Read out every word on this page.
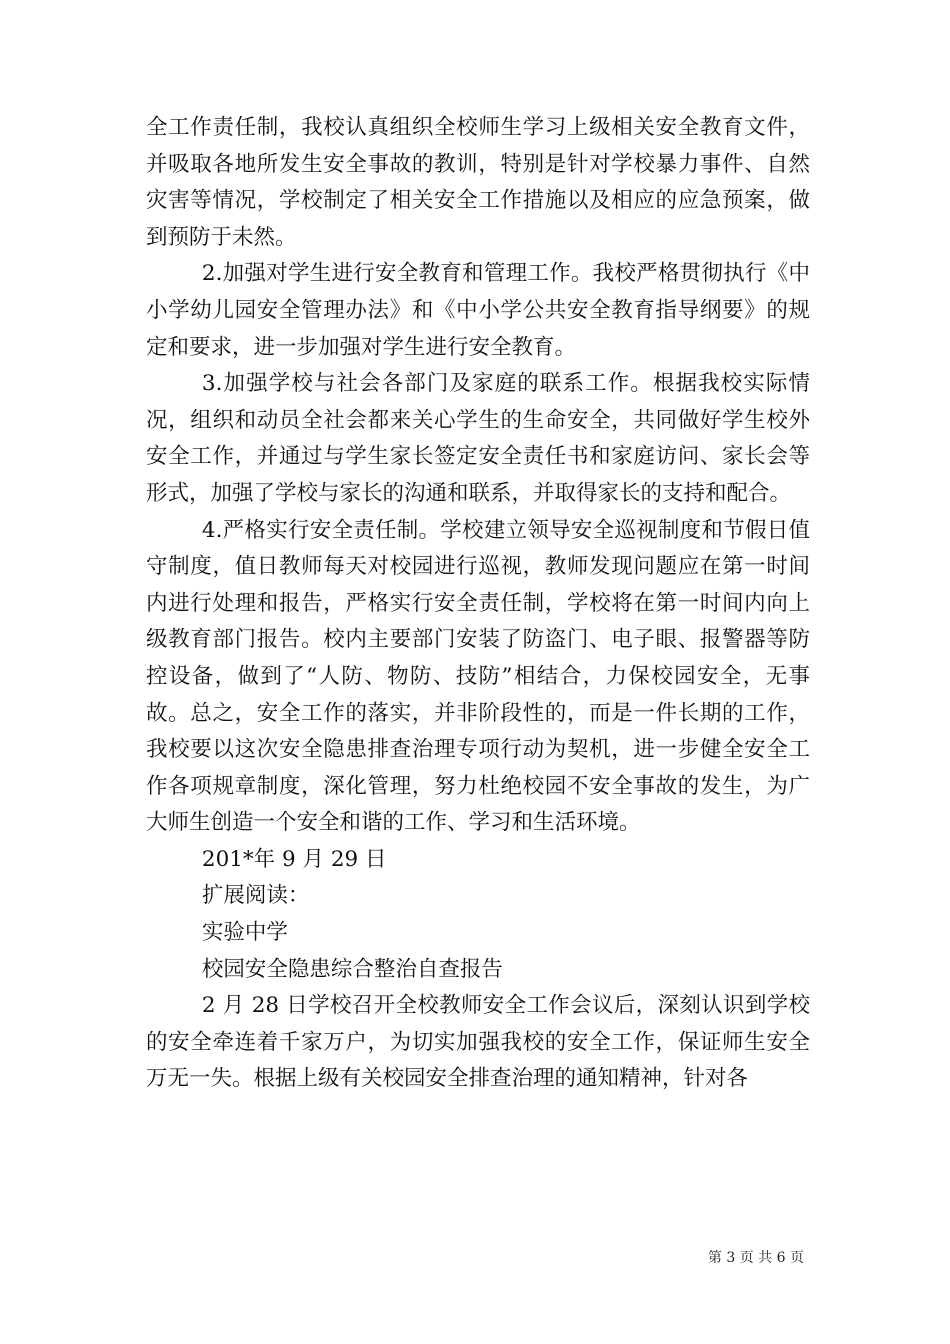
全工作责任制，我校认真组织全校师生学习上级相关安全教育文件，并吸取各地所发生安全事故的教训，特别是针对学校暴力事件、自然灾害等情况，学校制定了相关安全工作措施以及相应的应急预案，做到预防于未然。

2.加强对学生进行安全教育和管理工作。我校严格贯彻执行《中小学幼儿园安全管理办法》和《中小学公共安全教育指导纲要》的规定和要求，进一步加强对学生进行安全教育。

3.加强学校与社会各部门及家庭的联系工作。根据我校实际情况，组织和动员全社会都来关心学生的生命安全，共同做好学生校外安全工作，并通过与学生家长签定安全责任书和家庭访问、家长会等形式，加强了学校与家长的沟通和联系，并取得家长的支持和配合。

4.严格实行安全责任制。学校建立领导安全巡视制度和节假日值守制度，值日教师每天对校园进行巡视，教师发现问题应在第一时间内进行处理和报告，严格实行安全责任制，学校将在第一时间内向上级教育部门报告。校内主要部门安装了防盗门、电子眼、报警器等防控设备，做到了“人防、物防、技防”相结合，力保校园安全，无事故。总之，安全工作的落实，并非阶段性的，而是一件长期的工作，我校要以这次安全隐患排查治理专项行动为契机，进一步健全安全工作各项规章制度，深化管理，努力杜绝校园不安全事故的发生，为广大师生创造一个安全和谐的工作、学习和生活环境。

201*年 9 月 29 日

扩展阅读：

实验中学

校园安全隐患综合整治自查报告

2 月 28 日学校召开全校教师安全工作会议后，深刻认识到学校的安全牵连着千家万户，为切实加强我校的安全工作，保证师生安全万无一失。根据上级有关校园安全排查治理的通知精神，针对各

第 3 页 共 6 页
